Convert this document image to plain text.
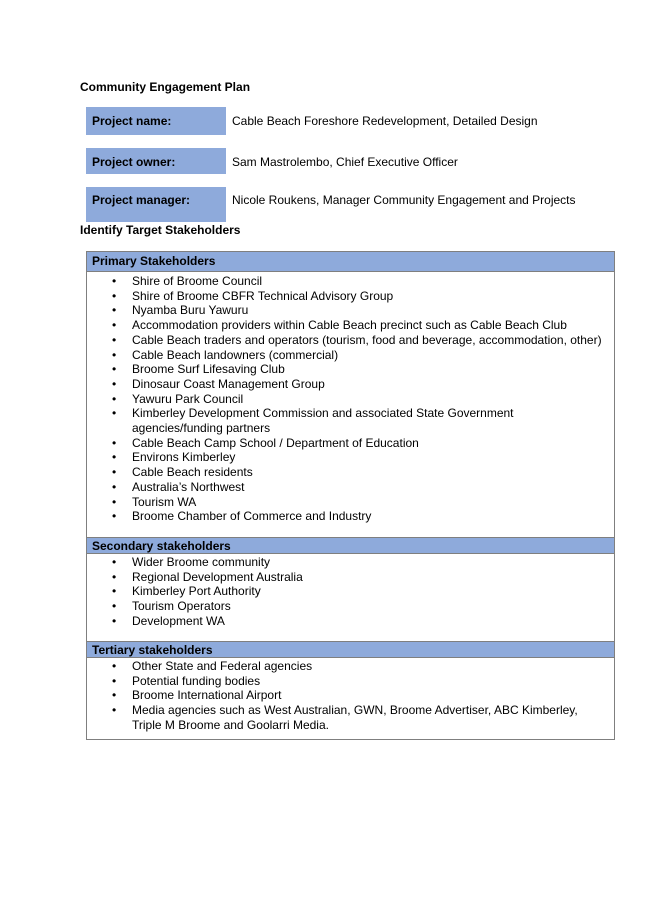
Community Engagement Plan
Project name:	Cable Beach Foreshore Redevelopment, Detailed Design
Project owner:	Sam Mastrolembo, Chief Executive Officer
Project manager:	Nicole Roukens, Manager Community Engagement and Projects
Identify Target Stakeholders
Primary Stakeholders
• Shire of Broome Council
• Shire of Broome CBFR Technical Advisory Group
• Nyamba Buru Yawuru
• Accommodation providers within Cable Beach precinct such as Cable Beach Club
• Cable Beach traders and operators (tourism, food and beverage, accommodation, other)
• Cable Beach landowners (commercial)
• Broome Surf Lifesaving Club
• Dinosaur Coast Management Group
• Yawuru Park Council
• Kimberley Development Commission and associated State Government agencies/funding partners
• Cable Beach Camp School / Department of Education
• Environs Kimberley
• Cable Beach residents
• Australia’s Northwest
• Tourism WA
• Broome Chamber of Commerce and Industry
Secondary stakeholders
• Wider Broome community
• Regional Development Australia
• Kimberley Port Authority
• Tourism Operators
• Development WA
Tertiary stakeholders
• Other State and Federal agencies
• Potential funding bodies
• Broome International Airport
• Media agencies such as West Australian, GWN, Broome Advertiser, ABC Kimberley, Triple M Broome and Goolarri Media.
